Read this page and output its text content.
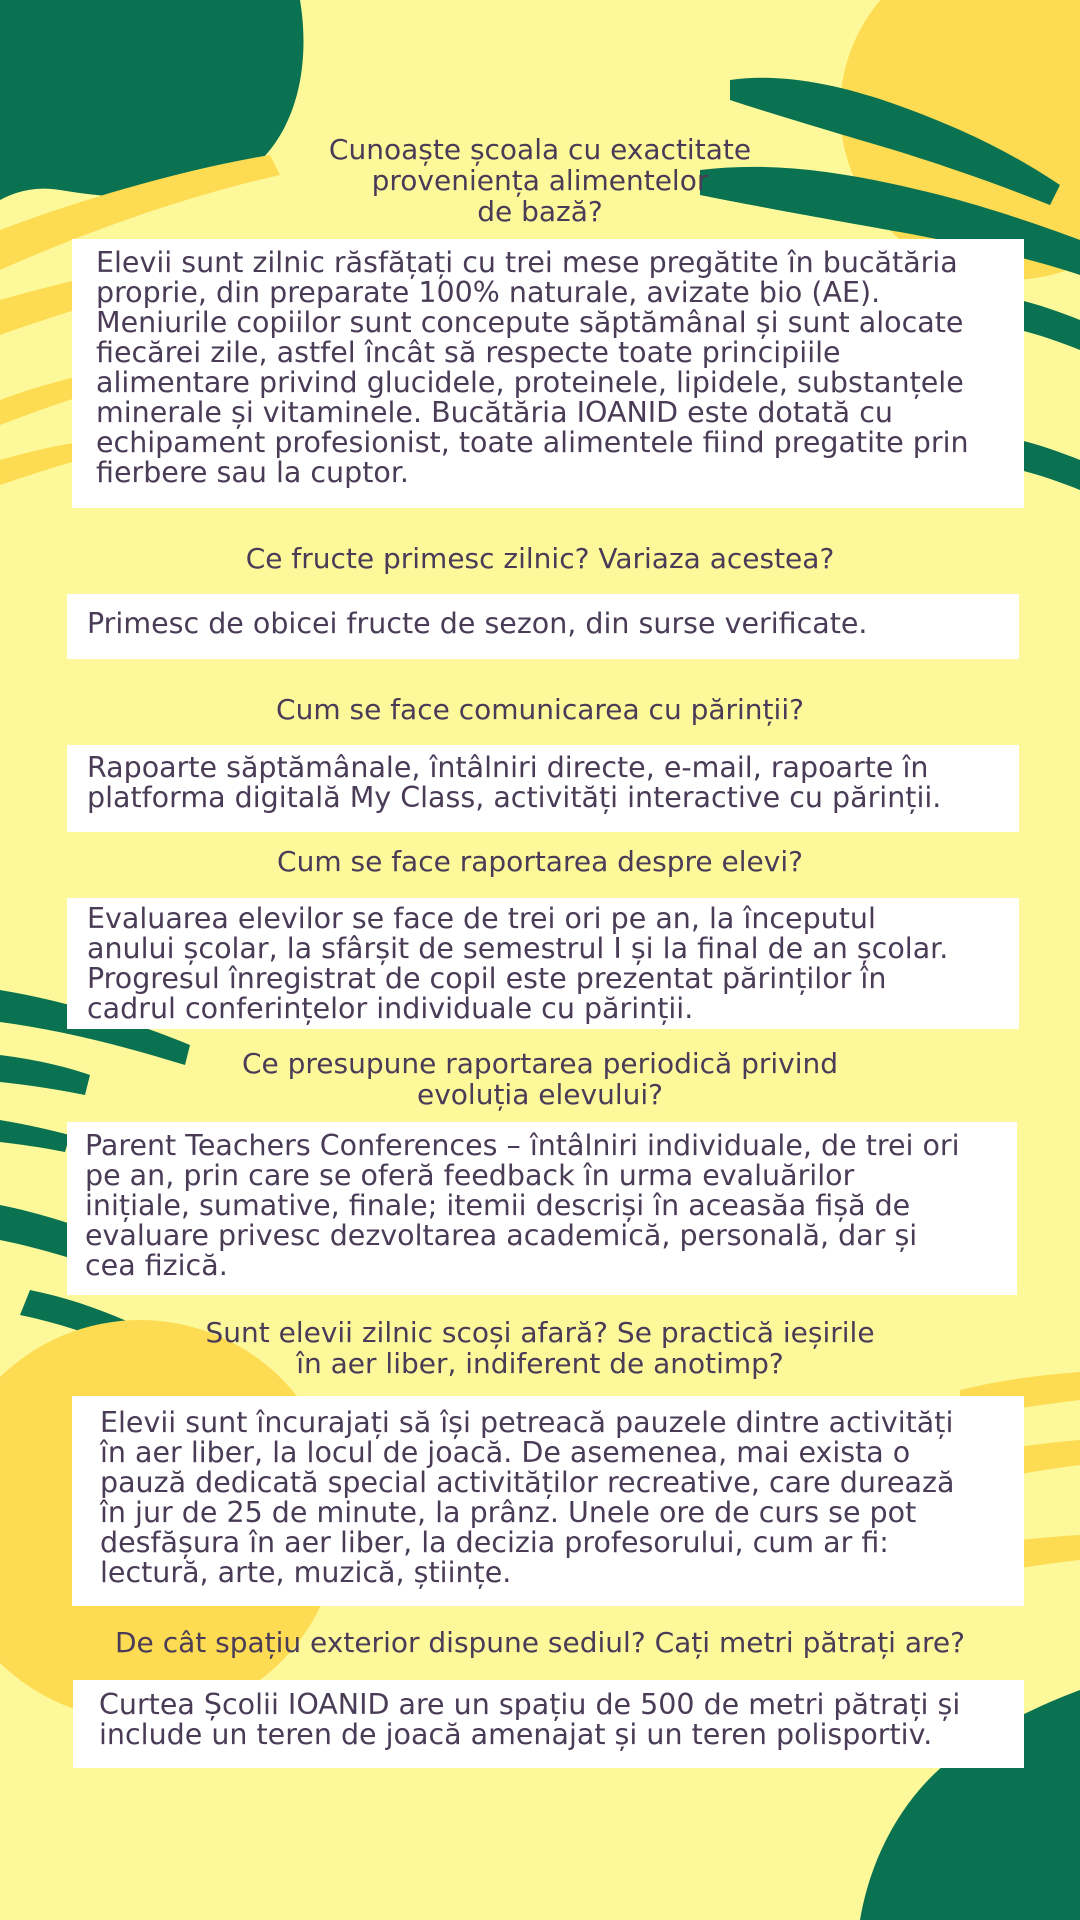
Cunoaște școala cu exactitate
proveniența alimentelor
de bază?
Elevii sunt zilnic răsfățați cu trei mese pregătite în bucătăria
proprie, din preparate 100% naturale, avizate bio (AE).
Meniurile copiilor sunt concepute săptămânal și sunt alocate
fiecărei zile, astfel încât să respecte toate principiile
alimentare privind glucidele, proteinele, lipidele, substanțele
minerale și vitaminele. Bucătăria IOANID este dotată cu
echipament profesionist, toate alimentele fiind pregatite prin
fierbere sau la cuptor.
Ce fructe primesc zilnic? Variaza acestea?
Primesc de obicei fructe de sezon, din surse verificate.
Cum se face comunicarea cu părinții?
Rapoarte săptămânale, întâlniri directe, e-mail, rapoarte în
platforma digitală My Class, activități interactive cu părinții.
Cum se face raportarea despre elevi?
Evaluarea elevilor se face de trei ori pe an, la începutul
anului școlar, la sfârșit de semestrul I și la final de an școlar.
Progresul înregistrat de copil este prezentat părinților în
cadrul conferințelor individuale cu părinții.
Ce presupune raportarea periodică privind
evoluția elevului?
Parent Teachers Conferences – întâlniri individuale, de trei ori
pe an, prin care se oferă feedback în urma evaluărilor
inițiale, sumative, finale; itemii descriși în aceasăa fișă de
evaluare privesc dezvoltarea academică, personală, dar și
cea fizică.
Sunt elevii zilnic scoși afară? Se practică ieșirile
în aer liber, indiferent de anotimp?
Elevii sunt încurajați să își petreacă pauzele dintre activități
în aer liber, la locul de joacă. De asemenea, mai exista o
pauză dedicată special activităților recreative, care durează
în jur de 25 de minute, la prânz. Unele ore de curs se pot
desfășura în aer liber, la decizia profesorului, cum ar fi:
lectură, arte, muzică, științe.
De cât spațiu exterior dispune sediul? Cați metri pătrați are?
Curtea Școlii IOANID are un spațiu de 500 de metri pătrați și
include un teren de joacă amenajat și un teren polisportiv.
